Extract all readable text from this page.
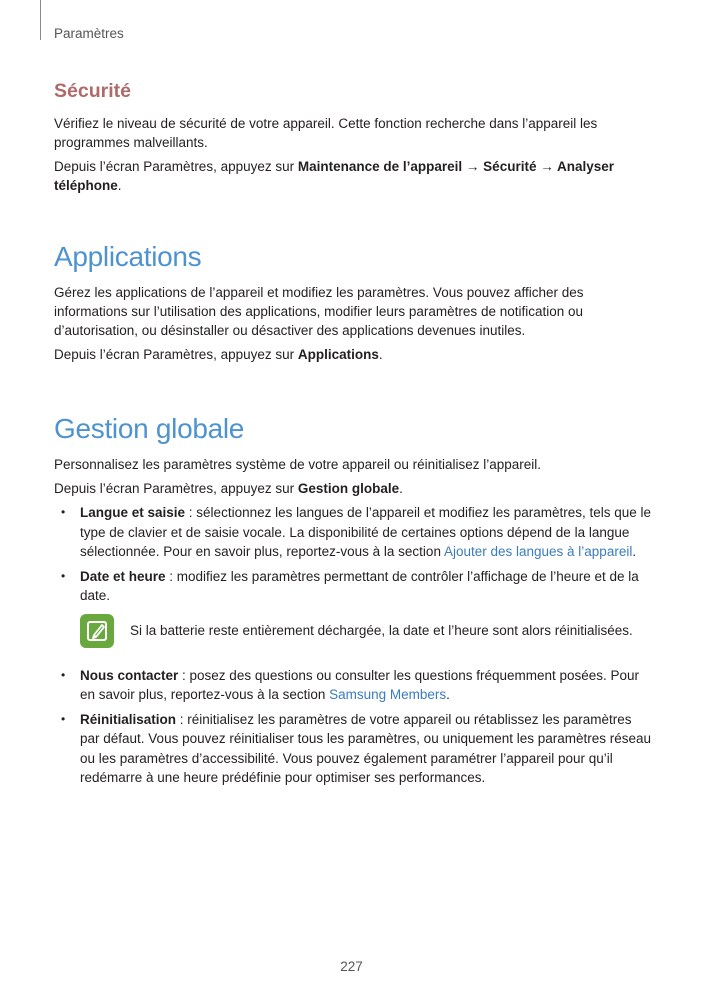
Paramètres
Sécurité

Vérifiez le niveau de sécurité de votre appareil. Cette fonction recherche dans l’appareil les programmes malveillants.

Depuis l’écran Paramètres, appuyez sur Maintenance de l’appareil → Sécurité → Analyser téléphone.

Applications

Gérez les applications de l’appareil et modifiez les paramètres. Vous pouvez afficher des informations sur l’utilisation des applications, modifier leurs paramètres de notification ou d’autorisation, ou désinstaller ou désactiver des applications devenues inutiles.

Depuis l’écran Paramètres, appuyez sur Applications.

Gestion globale

Personnalisez les paramètres système de votre appareil ou réinitialisez l’appareil.

Depuis l’écran Paramètres, appuyez sur Gestion globale.

• Langue et saisie : sélectionnez les langues de l’appareil et modifiez les paramètres, tels que le type de clavier et de saisie vocale. La disponibilité de certaines options dépend de la langue sélectionnée. Pour en savoir plus, reportez-vous à la section Ajouter des langues à l’appareil.
• Date et heure : modifiez les paramètres permettant de contrôler l’affichage de l’heure et de la date.
Si la batterie reste entièrement déchargée, la date et l’heure sont alors réinitialisées.
• Nous contacter : posez des questions ou consulter les questions fréquemment posées. Pour en savoir plus, reportez-vous à la section Samsung Members.
• Réinitialisation : réinitialisez les paramètres de votre appareil ou rétablissez les paramètres par défaut. Vous pouvez réinitialiser tous les paramètres, ou uniquement les paramètres réseau ou les paramètres d’accessibilité. Vous pouvez également paramétrer l’appareil pour qu’il redémarre à une heure prédéfinie pour optimiser ses performances.
227
